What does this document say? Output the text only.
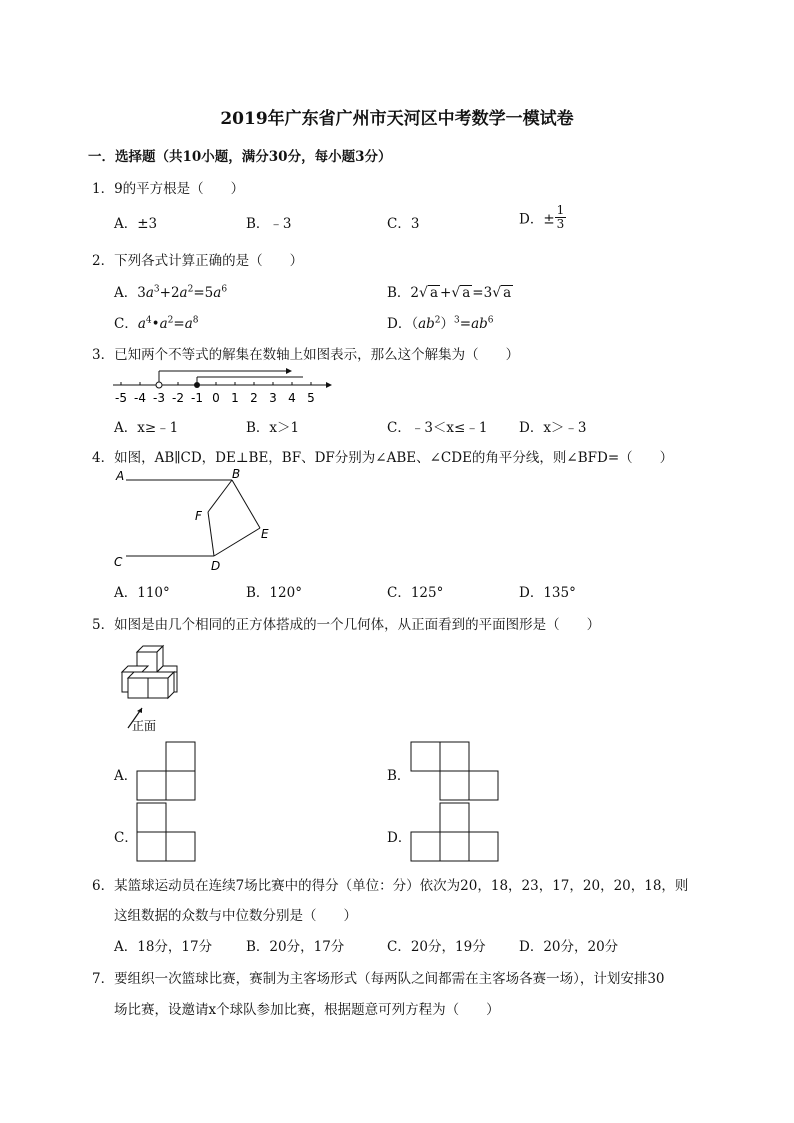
2019年广东省广州市天河区中考数学一模试卷
一．选择题（共10小题，满分30分，每小题3分）
1．9的平方根是（　　）
A．±3	B．﹣3	C．3	D．± $\frac{1}{3}$
2．下列各式计算正确的是（　　）
A．$3a^3+2a^2=5a^6$	B．2√ a +√ a =3√ a
C．$a^4•a^2=a^8$	D．$(ab^2)^3=ab^6$
3．已知两个不等式的解集在数轴上如图表示，那么这个解集为（　　）
-5 -4 -3 -2 -1 0 1 2 3 4 5
A．x≥﹣1	B．x＞1	C．﹣3＜x≤﹣1 D．x＞﹣3
4．如图，AB∥CD，DE⊥BE，BF、DF分别为∠ABE、∠CDE的角平分线，则∠BFD=（　　）
A	B
C	D
E
F
A．110°	B．120°	C．125°	D．135°
5．如图是由几个相同的正方体搭成的一个几何体，从正面看到的平面图形是（　　）
正面
A．	B．
C．	D．
6．某篮球运动员在连续7场比赛中的得分（单位：分）依次为20，18，23，17，20，20，18，则
这组数据的众数与中位数分别是（　　）
A．18分，17分	B．20分，17分	C．20分，19分 D．20分，20分
7．要组织一次篮球比赛，赛制为主客场形式（每两队之间都需在主客场各赛一场），计划安排30
场比赛，设邀请x个球队参加比赛，根据题意可列方程为（　　）
